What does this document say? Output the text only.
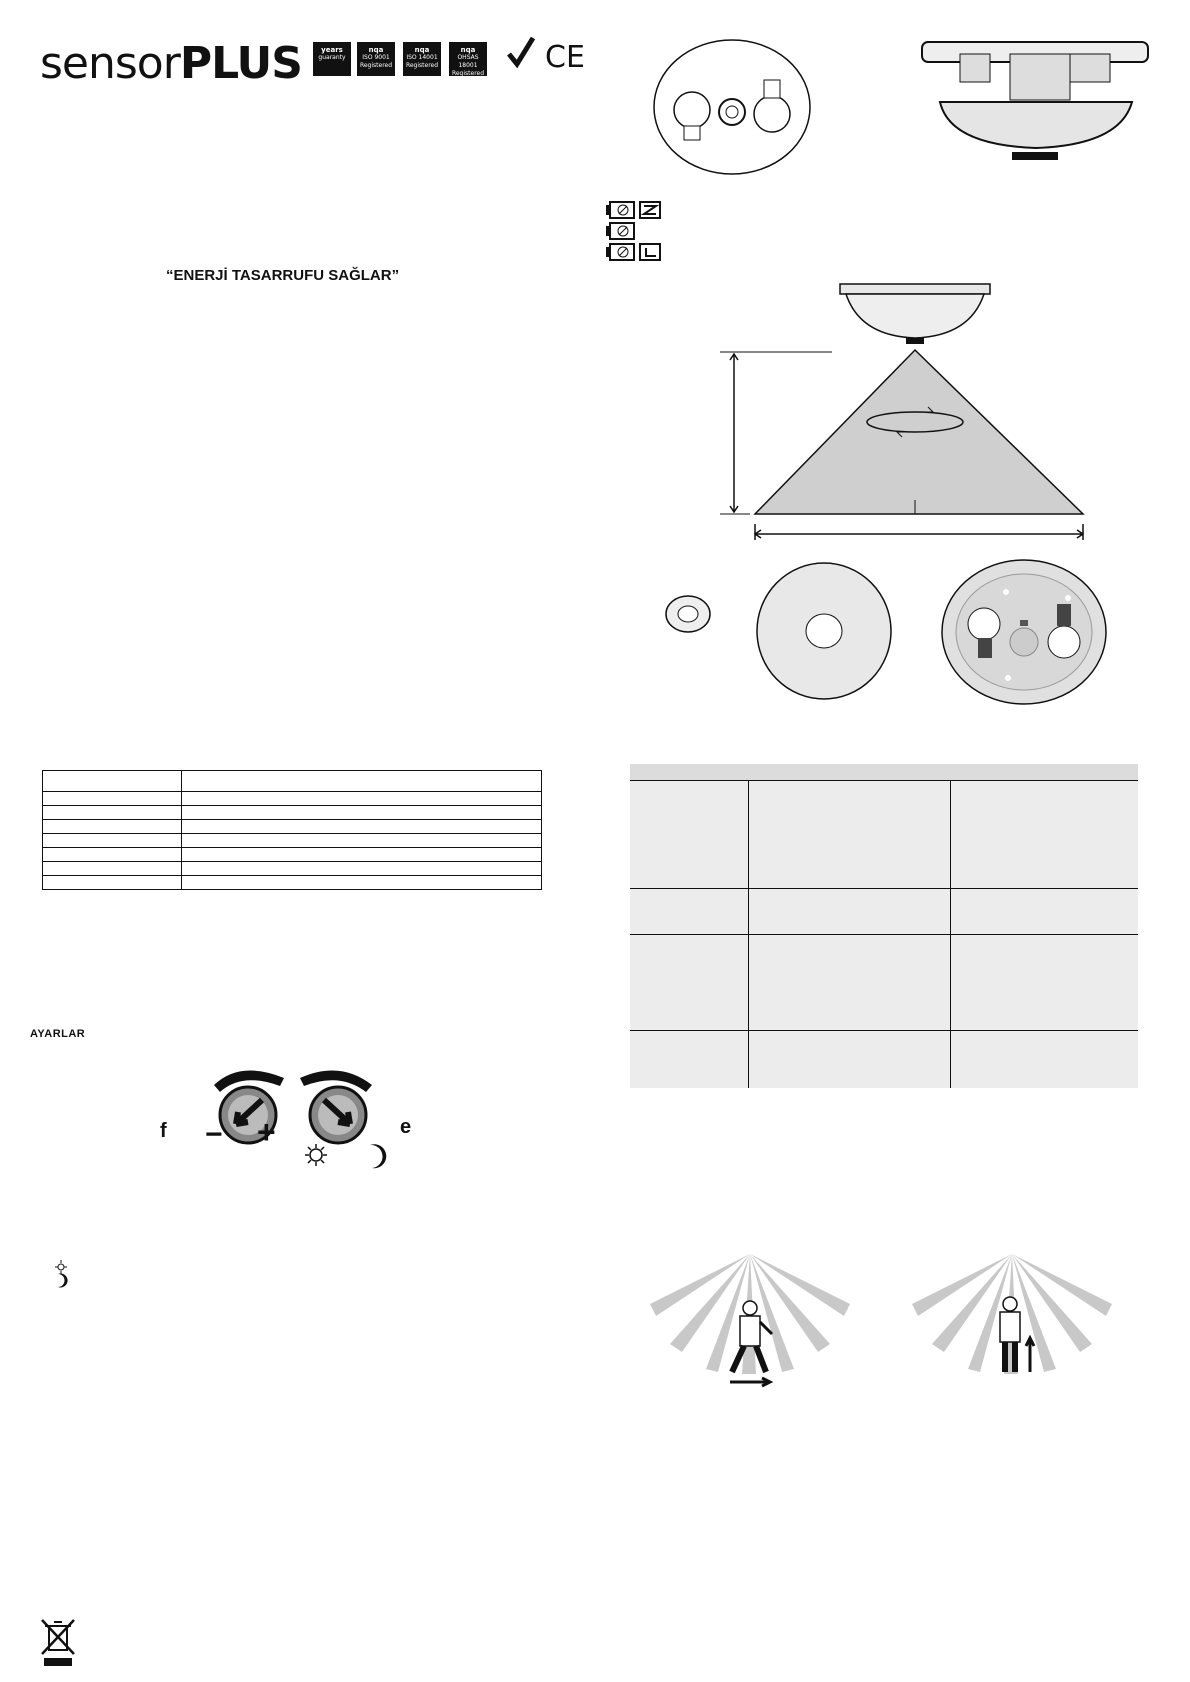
sensorPLUS	years
guaranty
nqa
ISO 9001 Registered
nqa
ISO 14001 Registered
nqa
OHSAS 18001 Registered CE
“ENERJİ TASARRUFU SAĞLAR”

AYARLAR
f	e
− +
